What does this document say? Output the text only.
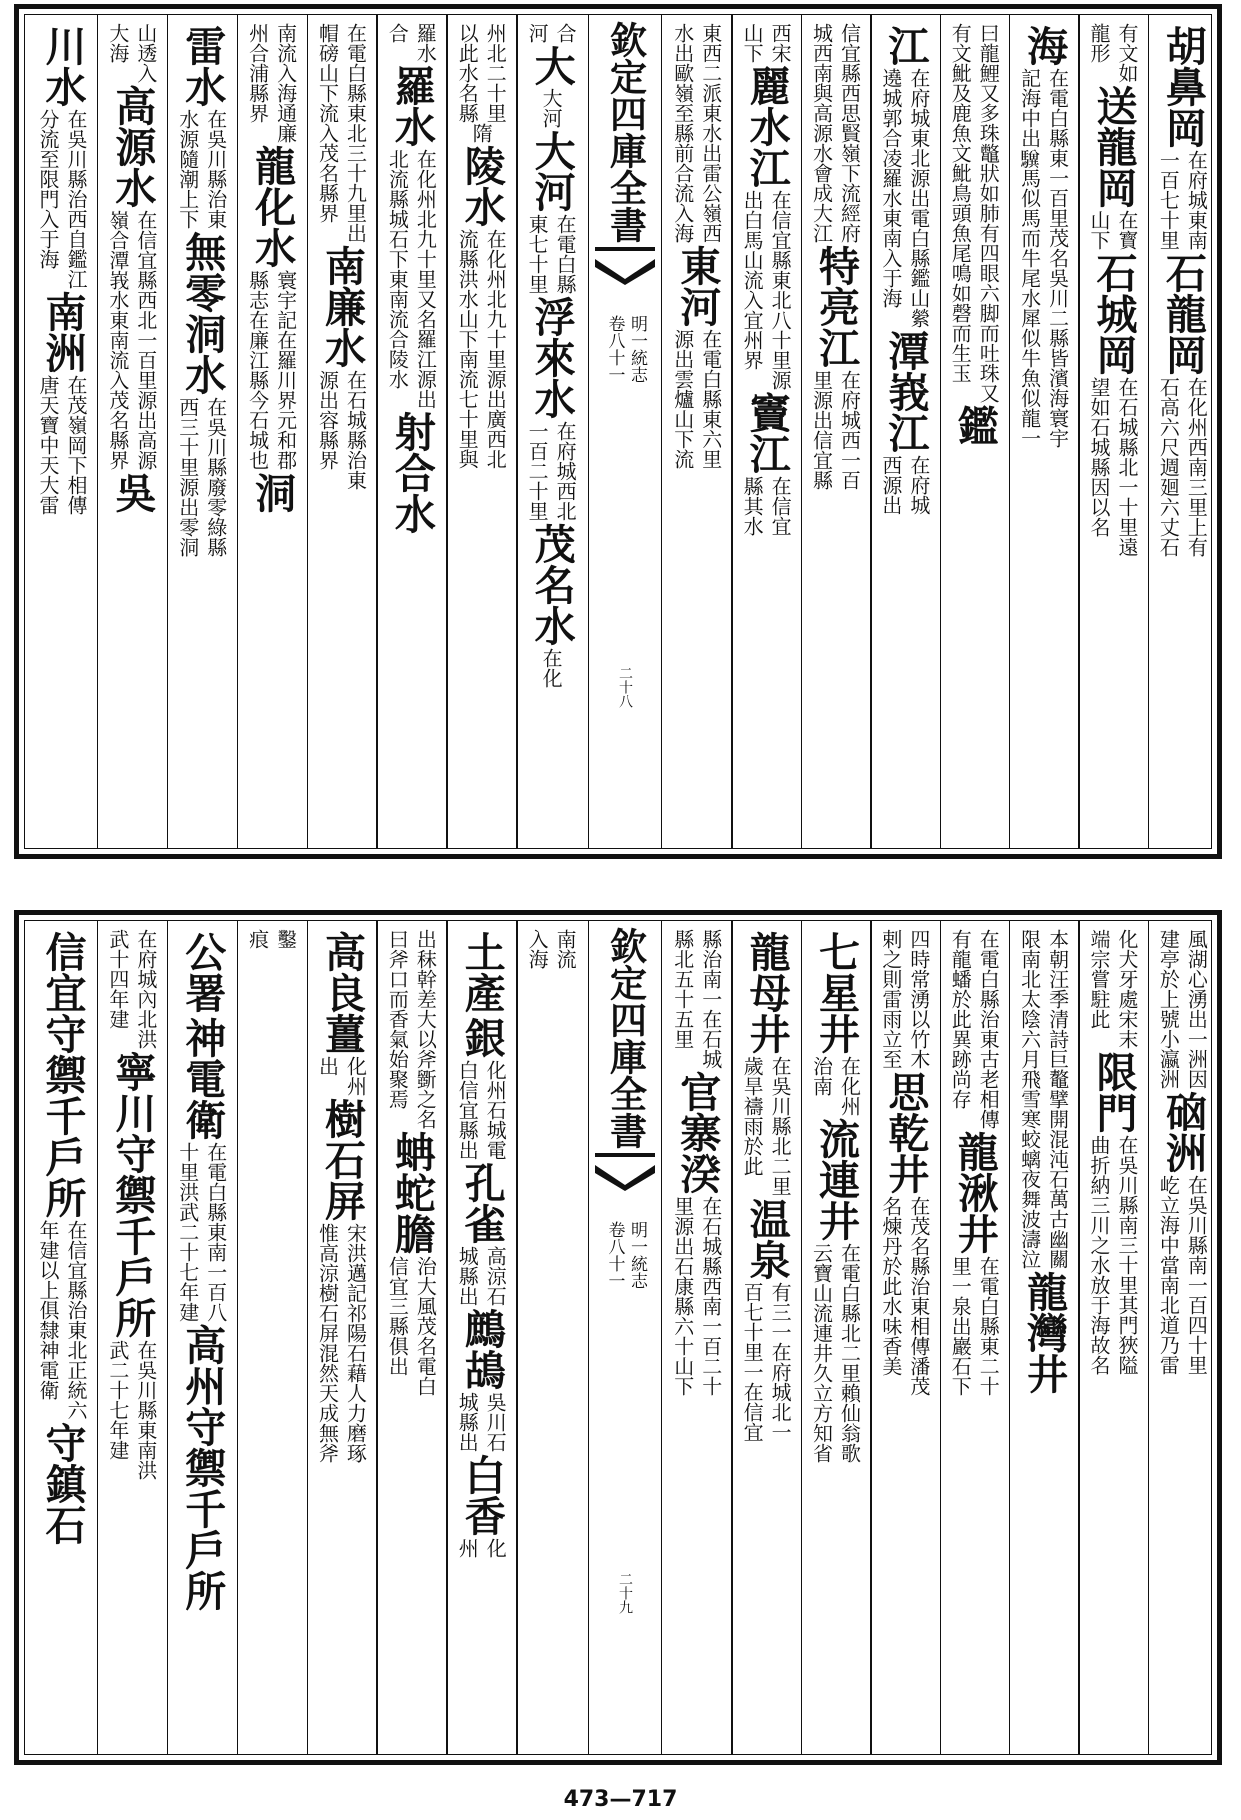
胡鼻岡
在府城東南
一百七十里
石龍岡
在化州西南三里上有
石高六尺週廻六丈石
有文如
龍形
送龍岡
在寳
山下
石城岡
在石城縣北一十里遠
望如石城縣因以名
海
在電白縣東一百里茂名吳川二縣皆濱海寰宇
記海中出𩦸馬似馬而牛尾水犀似牛魚似龍一
曰龍鯉又多珠鼈狀如肺有四眼六脚而吐珠又
有文魮及鹿魚文魮鳥頭魚尾鳴如磬而生玉
鑑
江
在府城東北源出電白縣鑑山縈
遶城郭合凌羅水東南入于海
潭峩江
在府城
西源出
信宜縣西思賢嶺下流經府
城西南與高源水會成大江
特亮江
在府城西一百
里源出信宜縣
西宋
山下
麗水江
在信宜縣東北八十里源
出白馬山流入宜州界
竇江
在信宜
縣其水
東西二派東水出雷公嶺西
水出歐嶺至縣前合流入海
東河
在電白縣東六里
源出雲爐山下流
欽定四庫全書
明一統志
卷八十一
二十八
合
河
大
大河
大河
在電白縣
東七十里
浮來水
在府城西北
一百二十里
茂名水
在化
州北二十里
以此水名縣
隋
陵水
在化州北九十里源出廣西北
流縣洪水山下南流七十里與
羅水
合
羅水
在化州北九十里又名羅江源出
北流縣城石下東南流合陵水
射合水
在電白縣東北三十九里出
帽磅山下流入茂名縣界
南廉水
在石城縣治東
源出容縣界
南流入海通廉
州合浦縣界
龍化水
寰宇記在羅川界元和郡
縣志在廉江縣今石城也
洞
雷水
在吳川縣治東
水源隨潮上下
無零洞水
在吳川縣廢零綠縣
西三十里源出零洞
山透入
大海
高源水
在信宜縣西北一百里源出高源
嶺合潭峩水東南流入茂名縣界
吳
川水
在吳川縣治西自鑑江
分流至限門入于海
南洲
在茂嶺岡下相傳
唐天寶中天大雷
風湖心湧出一洲因
建亭於上號小瀛洲
硇洲
在吳川縣南一百四十里
屹立海中當南北道乃雷
化犬牙處宋末
端宗嘗駐此
限門
在吳川縣南三十里其門狹隘
曲折納三川之水放于海故名
本朝汪季清詩巨鼇擘開混沌石萬古幽關
限南北太陰六月飛雪寒蛟螭夜舞波濤泣
龍灣井
在電白縣治東古老相傳
有龍蟠於此異跡尚存
龍湫井
在電白縣東二十
里一泉出巖石下
四時常湧以竹木
剌之則雷雨立至
思乾井
在茂名縣治東相傳潘茂
名煉丹於此水味香美
七星井
在化州
治南
流連井
在電白縣北二里賴仙翁歌
云寶山流連井久立方知省
龍母井
在吳川縣北二里
歲旱禱雨於此
温泉
有三一在府城北一
百七十里一在信宜
縣治南一在石城
縣北五十五里
官寨湀
在石城縣西南一百二十
里源出石康縣六十山下
欽定四庫全書
明一統志
卷八十一
二十九
南流
入海
土產
銀
化州石城電
白信宜縣出
孔雀
高涼石
城縣出
鷓鴣
吳川石
城縣出
白香
化
州
出秣
曰斧
幹差大以斧斵之名
口而香氣始聚焉
蚺蛇膽
治大風茂名電白
信宜三縣俱出
高良薑
化州
出
樹石屏
宋洪邁記祁陽石藉人力磨琢
惟高涼樹石屏混然天成無斧
鑿
痕
公署
神電衛
在電白縣東南一百八
十里洪武二十七年建
高州守禦千戶所
在府城內北洪
武十四年建
寧川守禦千戶所
在吳川縣東南洪
武二十七年建
信宜守禦千戶所
在信宜縣治東北正統六
年建以上俱隸神電衛
守鎮石
473—717
